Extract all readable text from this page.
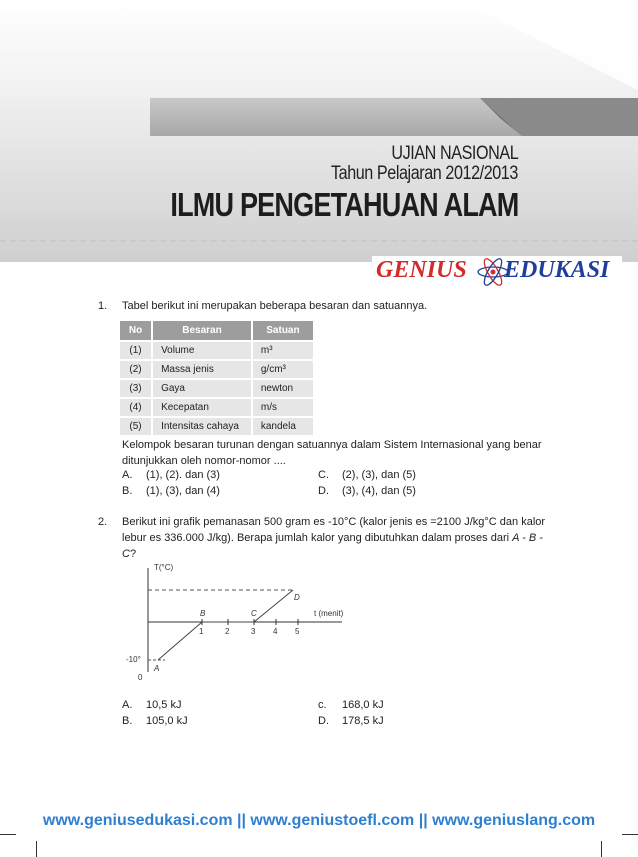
UJIAN NASIONAL
Tahun Pelajaran 2012/2013
ILMU PENGETAHUAN ALAM
GENIUS EDUKASI
1. Tabel berikut ini merupakan beberapa besaran dan satuannya.
No	Besaran	Satuan
(1)	Volume	m³
(2)	Massa jenis	g/cm³
(3)	Gaya	newton
(4)	Kecepatan	m/s
(5)	Intensitas cahaya	kandela
Kelompok besaran turunan dengan satuannya dalam Sistem Internasional yang benar
ditunjukkan oleh nomor-nomor ....
A. (1), (2). dan (3)
B. (1), (3), dan (4)
C. (2), (3), dan (5)
D. (3), (4), dan (5)
2. Berikut ini grafik pemanasan 500 gram es -10°C (kalor jenis es =2100 J/kg°C dan kalor
lebur es 336.000 J/kg). Berapa jumlah kalor yang dibutuhkan dalam proses dari A - B -
C?
T(°C)
t (menit)
1	2	3 4 5
-10°
0
A
B	C
D
A. 10,5 kJ
B. 105,0 kJ
c. 168,0 kJ
D. 178,5 kJ
www.geniusedukasi.com || www.geniustoefl.com || www.geniuslang.com
